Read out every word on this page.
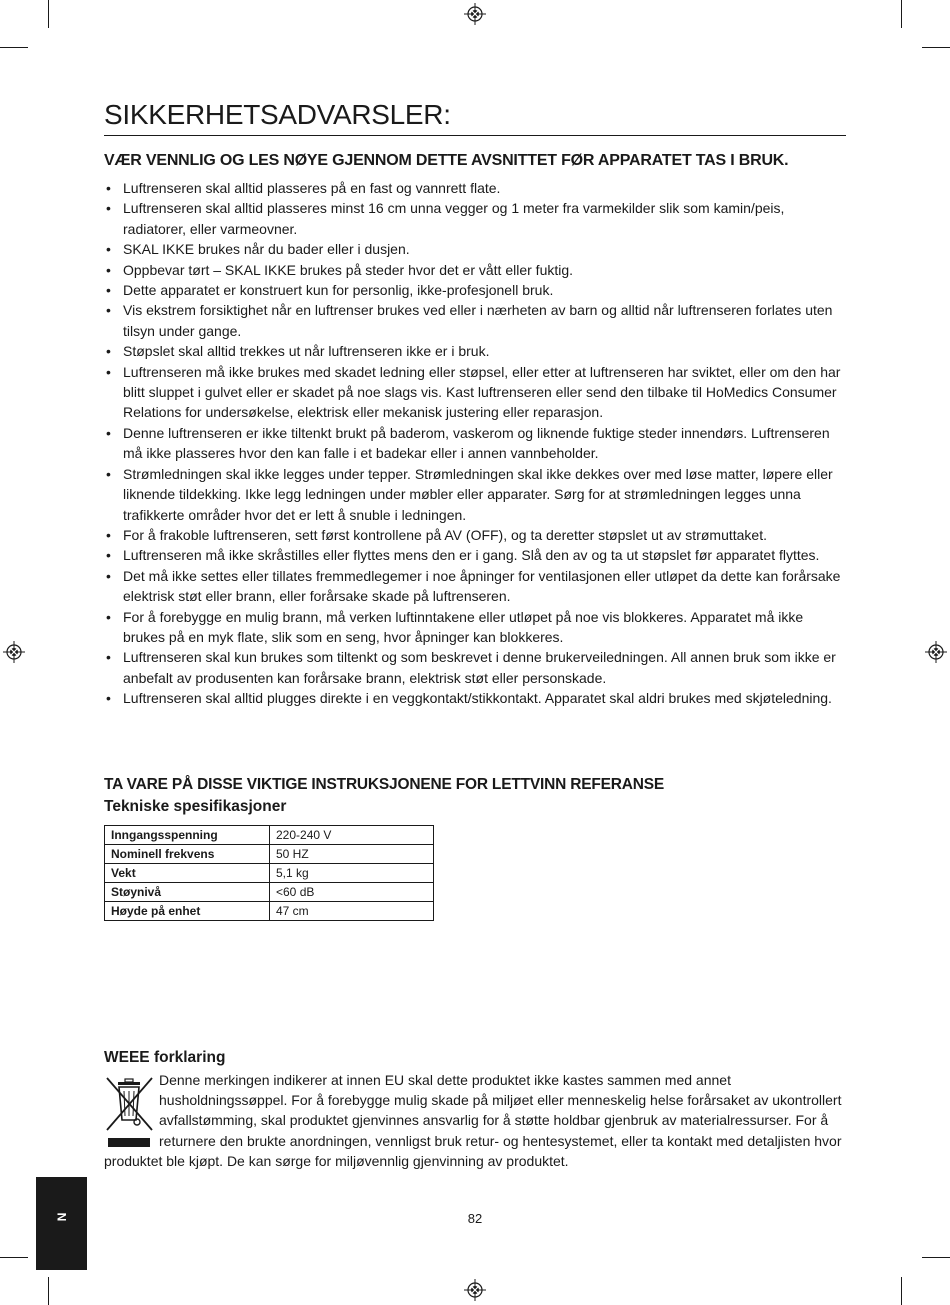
SIKKERHETSADVARSLER:
VÆR VENNLIG OG LES NØYE GJENNOM DETTE AVSNITTET FØR APPARATET TAS I BRUK.
• Luftrenseren skal alltid plasseres på en fast og vannrett flate.
• Luftrenseren skal alltid plasseres minst 16 cm unna vegger og 1 meter fra varmekilder slik som kamin/peis, radiatorer, eller varmeovner.
• SKAL IKKE brukes når du bader eller i dusjen.
• Oppbevar tørt – SKAL IKKE brukes på steder hvor det er vått eller fuktig.
• Dette apparatet er konstruert kun for personlig, ikke-profesjonell bruk.
• Vis ekstrem forsiktighet når en luftrenser brukes ved eller i nærheten av barn og alltid når luftrenseren forlates uten tilsyn under gange.
• Støpslet skal alltid trekkes ut når luftrenseren ikke er i bruk.
• Luftrenseren må ikke brukes med skadet ledning eller støpsel, eller etter at luftrenseren har sviktet, eller om den har blitt sluppet i gulvet eller er skadet på noe slags vis. Kast luftrenseren eller send den tilbake til HoMedics Consumer Relations for undersøkelse, elektrisk eller mekanisk justering eller reparasjon.
• Denne luftrenseren er ikke tiltenkt brukt på baderom, vaskerom og liknende fuktige steder innendørs. Luftrenseren må ikke plasseres hvor den kan falle i et badekar eller i annen vannbeholder.
• Strømledningen skal ikke legges under tepper. Strømledningen skal ikke dekkes over med løse matter, løpere eller liknende tildekking. Ikke legg ledningen under møbler eller apparater. Sørg for at strømledningen legges unna trafikkerte områder hvor det er lett å snuble i ledningen.
• For å frakoble luftrenseren, sett først kontrollene på AV (OFF), og ta deretter støpslet ut av strømuttaket.
• Luftrenseren må ikke skråstilles eller flyttes mens den er i gang. Slå den av og ta ut støpslet før apparatet flyttes.
• Det må ikke settes eller tillates fremmedlegemer i noe åpninger for ventilasjonen eller utløpet da dette kan forårsake elektrisk støt eller brann, eller forårsake skade på luftrenseren.
• For å forebygge en mulig brann, må verken luftinntakene eller utløpet på noe vis blokkeres. Apparatet må ikke brukes på en myk flate, slik som en seng, hvor åpninger kan blokkeres.
• Luftrenseren skal kun brukes som tiltenkt og som beskrevet i denne brukerveiledningen. All annen bruk som ikke er anbefalt av produsenten kan forårsake brann, elektrisk støt eller personskade.
• Luftrenseren skal alltid plugges direkte i en veggkontakt/stikkontakt. Apparatet skal aldri brukes med skjøteledning.
TA VARE PÅ DISSE VIKTIGE INSTRUKSJONENE FOR LETTVINN REFERANSE
Tekniske spesifikasjoner
Inngangsspenning	220-240 V
Nominell frekvens	50 HZ
Vekt	5,1 kg
Støynivå	<60 dB
Høyde på enhet	47 cm
WEEE forklaring
Denne merkingen indikerer at innen EU skal dette produktet ikke kastes sammen med annet husholdningssøppel. For å forebygge mulig skade på miljøet eller menneskelig helse forårsaket av ukontrollert avfallstømming, skal produktet gjenvinnes ansvarlig for å støtte holdbar gjenbruk av materialressurser. For å returnere den brukte anordningen, vennligst bruk retur- og hentesystemet, eller ta kontakt med detaljisten hvor produktet ble kjøpt. De kan sørge for miljøvennlig gjenvinning av produktet.
82
N
